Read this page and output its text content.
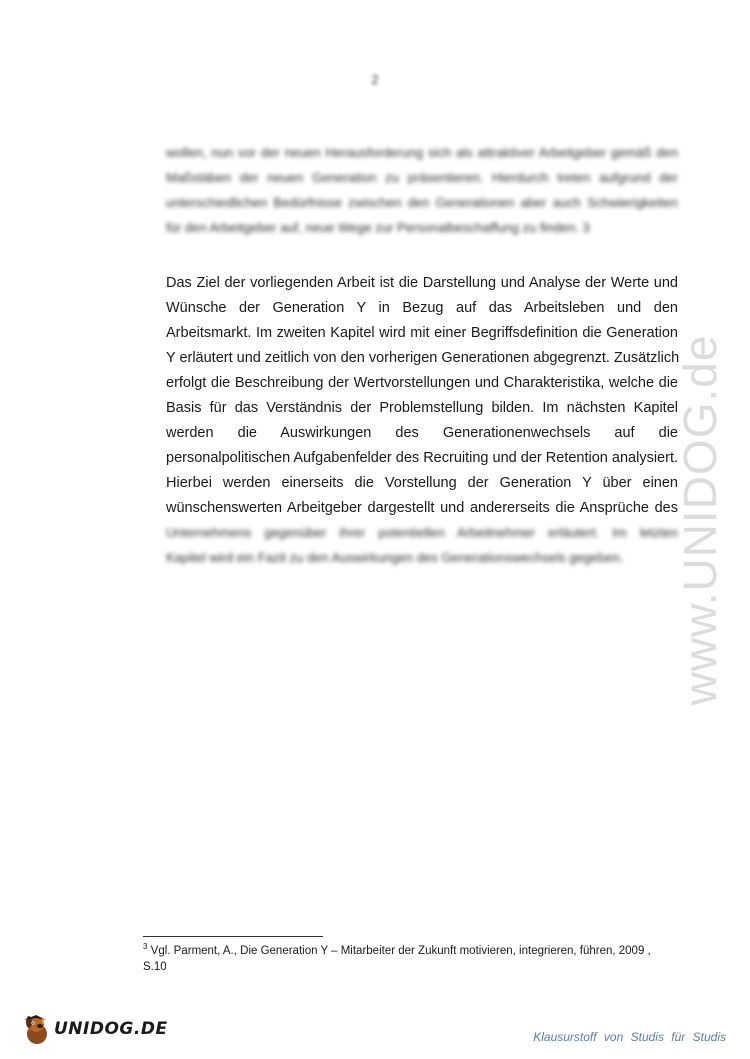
2
wollen, nun vor der neuen Herausforderung sich als attraktiver Arbeitgeber gemäß den Maßstäben der neuen Generation zu präsentieren. Hierdurch treten aufgrund der unterschiedlichen Bedürfnisse zwischen den Generationen aber auch Schwierigkeiten für den Arbeitgeber auf, neue Wege zur Personalbeschaffung zu finden. 3
Das Ziel der vorliegenden Arbeit ist die Darstellung und Analyse der Werte und
Wünsche der Generation Y in Bezug auf das Arbeitsleben und den
Arbeitsmarkt. Im zweiten Kapitel wird mit einer Begriffsdefinition die Generation
Y erläutert und zeitlich von den vorherigen Generationen abgegrenzt. Zusätzlich
erfolgt die Beschreibung der Wertvorstellungen und Charakteristika, welche die
Basis für das Verständnis der Problemstellung bilden. Im nächsten Kapitel
werden die Auswirkungen des Generationenwechsels auf die
personalpolitischen Aufgabenfelder des Recruiting und der Retention analysiert.
Hierbei werden einerseits die Vorstellung der Generation Y über einen
wünschenswerten Arbeitgeber dargestellt und andererseits die Ansprüche des
Unternehmens gegenüber ihrer potentiellen Arbeitnehmer erläutert. Im letzten
Kapitel wird ein Fazit zu den Auswirkungen des Generationswechsels gegeben.	www.UNIDOG.de
$^3$ Vgl. Parment, A., Die Generation Y – Mitarbeiter der Zukunft motivieren, integrieren, führen, 2009 ,
S.10
UNIDOG.DE	Klausurstoff von Studis für Studis
